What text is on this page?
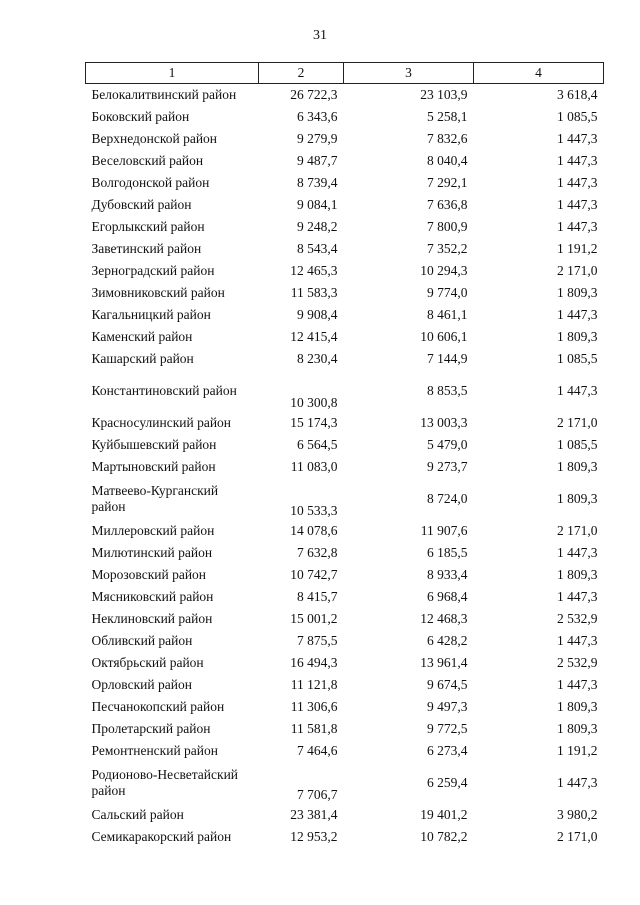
31
1	2	3	4
Белокалитвинский район	26 722,3	23 103,9	3 618,4
Боковский район	6 343,6	5 258,1	1 085,5
Верхнедонской район	9 279,9	7 832,6	1 447,3
Веселовский район	9 487,7	8 040,4	1 447,3
Волгодонской район	8 739,4	7 292,1	1 447,3
Дубовский район	9 084,1	7 636,8	1 447,3
Егорлыкский район	9 248,2	7 800,9	1 447,3
Заветинский район	8 543,4	7 352,2	1 191,2
Зерноградский район	12 465,3	10 294,3	2 171,0
Зимовниковский район	11 583,3	9 774,0	1 809,3
Кагальницкий район	9 908,4	8 461,1	1 447,3
Каменский район	12 415,4	10 606,1	1 809,3
Кашарский район	8 230,4	7 144,9	1 085,5
Константиновский район	10 300,8	8 853,5	1 447,3
Красносулинский район	15 174,3	13 003,3	2 171,0
Куйбышевский район	6 564,5	5 479,0	1 085,5
Мартыновский район	11 083,0	9 273,7	1 809,3
Матвеево-Курганский район	10 533,3	8 724,0	1 809,3
Миллеровский район	14 078,6	11 907,6	2 171,0
Милютинский район	7 632,8	6 185,5	1 447,3
Морозовский район	10 742,7	8 933,4	1 809,3
Мясниковский район	8 415,7	6 968,4	1 447,3
Неклиновский район	15 001,2	12 468,3	2 532,9
Обливский район	7 875,5	6 428,2	1 447,3
Октябрьский район	16 494,3	13 961,4	2 532,9
Орловский район	11 121,8	9 674,5	1 447,3
Песчанокопский район	11 306,6	9 497,3	1 809,3
Пролетарский район	11 581,8	9 772,5	1 809,3
Ремонтненский район	7 464,6	6 273,4	1 191,2
Родионово-Несветайский район	7 706,7	6 259,4	1 447,3
Сальский район	23 381,4	19 401,2	3 980,2
Семикаракорский район	12 953,2	10 782,2	2 171,0
